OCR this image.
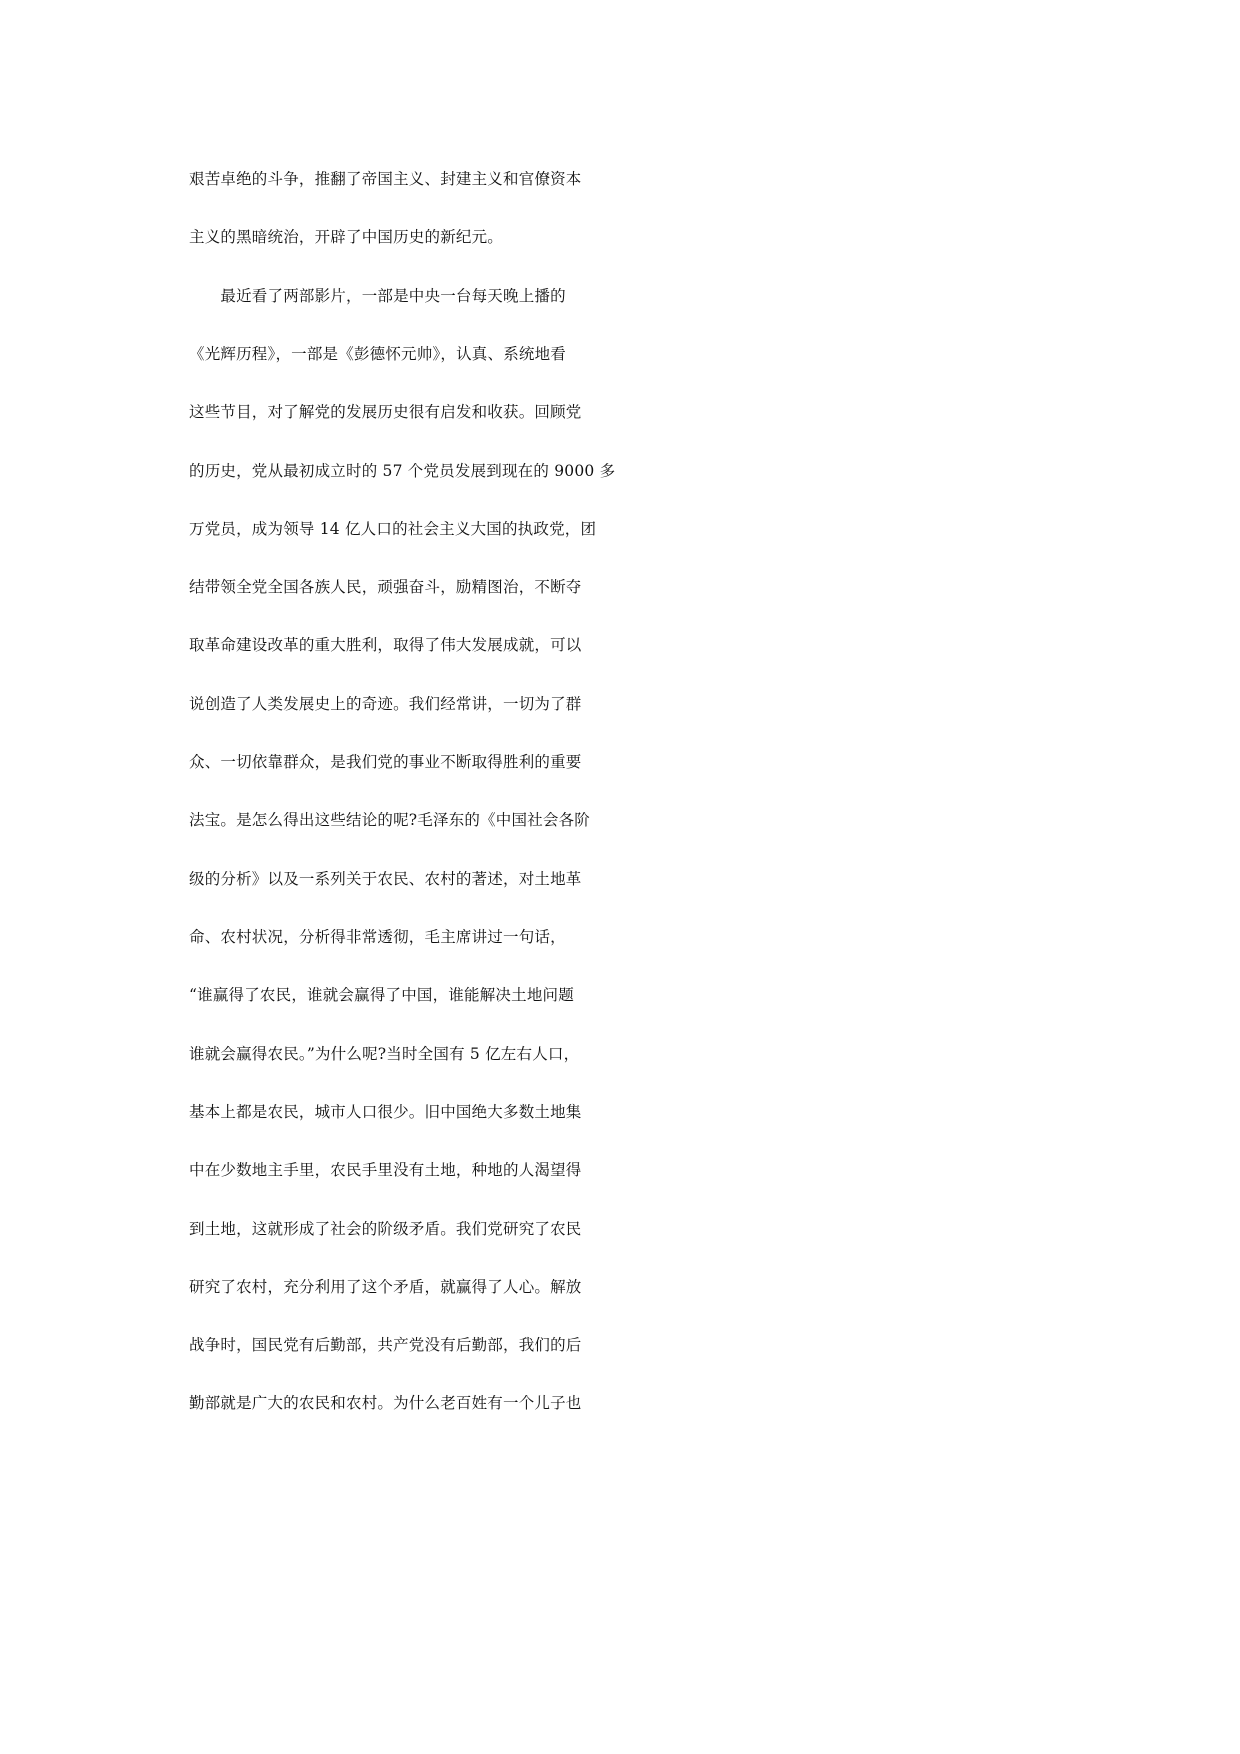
艰苦卓绝的斗争，推翻了帝国主义、封建主义和官僚资本
主义的黑暗统治，开辟了中国历史的新纪元。
　　最近看了两部影片，一部是中央一台每天晚上播的
《光辉历程》，一部是《彭德怀元帅》，认真、系统地看
这些节目，对了解党的发展历史很有启发和收获。回顾党
的历史，党从最初成立时的 57 个党员发展到现在的 9000 多
万党员，成为领导 14 亿人口的社会主义大国的执政党，团
结带领全党全国各族人民，顽强奋斗，励精图治，不断夺
取革命建设改革的重大胜利，取得了伟大发展成就，可以
说创造了人类发展史上的奇迹。我们经常讲，一切为了群
众、一切依靠群众，是我们党的事业不断取得胜利的重要
法宝。是怎么得出这些结论的呢?毛泽东的《中国社会各阶
级的分析》以及一系列关于农民、农村的著述，对土地革
命、农村状况，分析得非常透彻，毛主席讲过一句话，
“谁赢得了农民，谁就会赢得了中国，谁能解决土地问题
谁就会赢得农民。”为什么呢?当时全国有 5 亿左右人口，
基本上都是农民，城市人口很少。旧中国绝大多数土地集
中在少数地主手里，农民手里没有土地，种地的人渴望得
到土地，这就形成了社会的阶级矛盾。我们党研究了农民
研究了农村，充分利用了这个矛盾，就赢得了人心。解放
战争时，国民党有后勤部，共产党没有后勤部，我们的后
勤部就是广大的农民和农村。为什么老百姓有一个儿子也
